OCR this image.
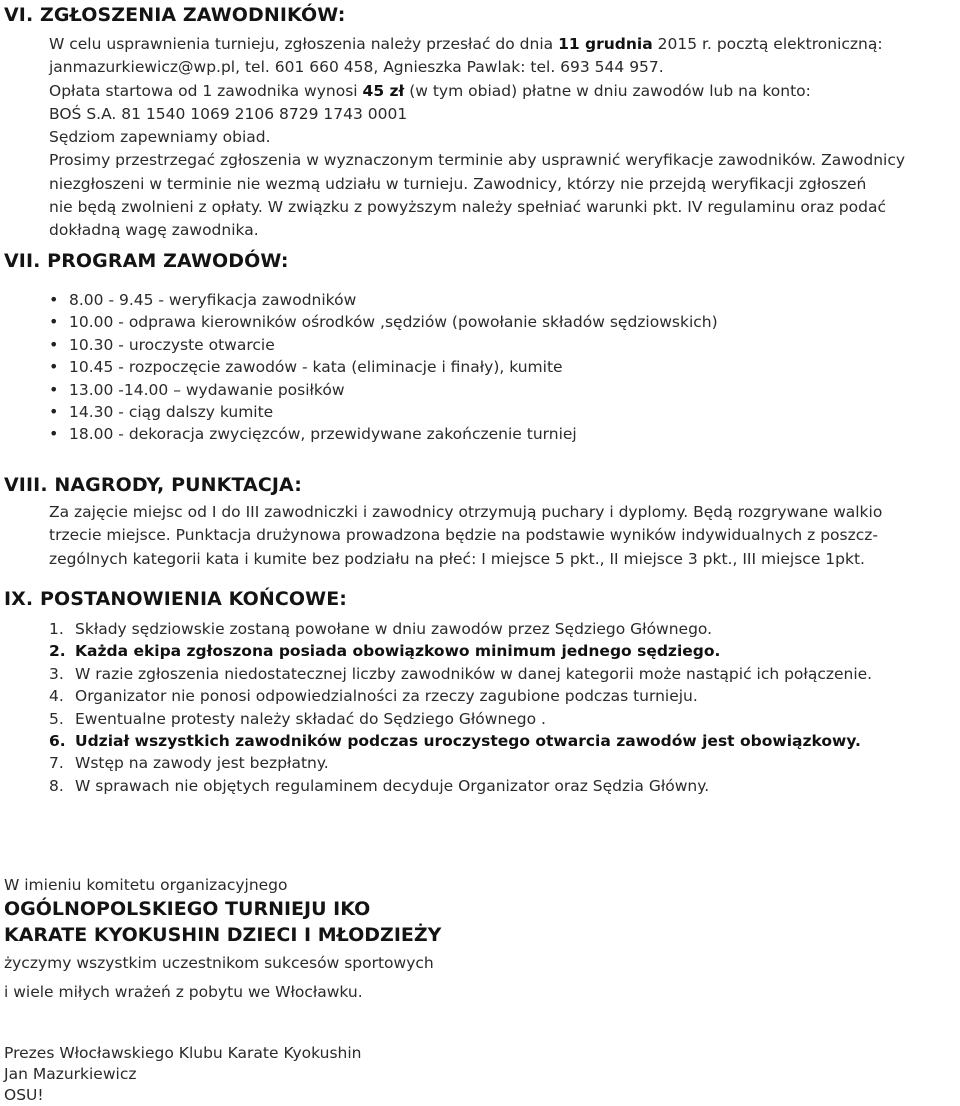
VI. ZGŁOSZENIA ZAWODNIKÓW:
W celu usprawnienia turnieju, zgłoszenia należy przesłać do dnia 11 grudnia 2015 r. pocztą elektroniczną:
janmazurkiewicz@wp.pl, tel. 601 660 458, Agnieszka Pawlak: tel. 693 544 957.
Opłata startowa od 1 zawodnika wynosi 45 zł (w tym obiad) płatne w dniu zawodów lub na konto:
BOŚ S.A. 81 1540 1069 2106 8729 1743 0001
Sędziom zapewniamy obiad.
Prosimy przestrzegać zgłoszenia w wyznaczonym terminie aby usprawnić weryfikacje zawodników. Zawodnicy
niezgłoszeni w terminie nie wezmą udziału w turnieju. Zawodnicy, którzy nie przejdą weryfikacji zgłoszeń
nie będą zwolnieni z opłaty. W związku z powyższym należy spełniać warunki pkt. IV regulaminu oraz podać
dokładną wagę zawodnika.
VII. PROGRAM ZAWODÓW:
• 8.00 - 9.45 - weryfikacja zawodników
• 10.00 - odprawa kierowników ośrodków ,sędziów (powołanie składów sędziowskich)
• 10.30 - uroczyste otwarcie
• 10.45 - rozpoczęcie zawodów - kata (eliminacje i finały), kumite
• 13.00 -14.00 – wydawanie posiłków
• 14.30 - ciąg dalszy kumite
• 18.00 - dekoracja zwycięzców, przewidywane zakończenie turniej
VIII. NAGRODY, PUNKTACJA:
Za zajęcie miejsc od I do III zawodniczki i zawodnicy otrzymują puchary i dyplomy. Będą rozgrywane walkio
trzecie miejsce. Punktacja drużynowa prowadzona będzie na podstawie wyników indywidualnych z poszcz-
zególnych kategorii kata i kumite bez podziału na płeć: I miejsce 5 pkt., II miejsce 3 pkt., III miejsce 1pkt.
IX. POSTANOWIENIA KOŃCOWE:
1. Składy sędziowskie zostaną powołane w dniu zawodów przez Sędziego Głównego.
2. Każda ekipa zgłoszona posiada obowiązkowo minimum jednego sędziego.
3. W razie zgłoszenia niedostatecznej liczby zawodników w danej kategorii może nastąpić ich połączenie.
4. Organizator nie ponosi odpowiedzialności za rzeczy zagubione podczas turnieju.
5. Ewentualne protesty należy składać do Sędziego Głównego .
6. Udział wszystkich zawodników podczas uroczystego otwarcia zawodów jest obowiązkowy.
7. Wstęp na zawody jest bezpłatny.
8. W sprawach nie objętych regulaminem decyduje Organizator oraz Sędzia Główny.
W imieniu komitetu organizacyjnego
OGÓLNOPOLSKIEGO TURNIEJU IKO
KARATE KYOKUSHIN DZIECI I MŁODZIEŻY
życzymy wszystkim uczestnikom sukcesów sportowych
i wiele miłych wrażeń z pobytu we Włocławku.
Prezes Włocławskiego Klubu Karate Kyokushin
Jan Mazurkiewicz
OSU!
